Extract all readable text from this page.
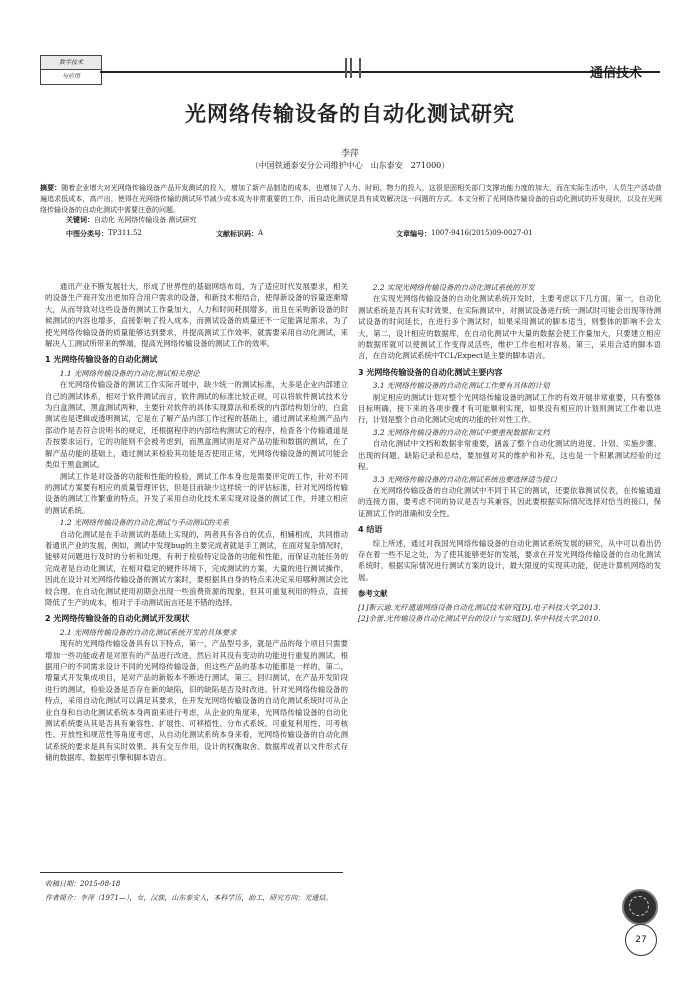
数字技术
与应用	通信技术
光网络传输设备的自动化测试研究
李萍
（中国铁通泰安分公司维护中心　山东泰安　271000）
摘要：随着企业增大对光网络传输设备产品开发测试的投入，增加了新产品制造的成本，也增加了人力、时间、物力的投入，这很是固相关部门支撑功能力度的加大，而在实际生活中，人员生产活动普遍追求低成本，高产出，使得在光网络传输的测试环节减少成本成为非常重要的工作，而自动化测试是具有成效解决这一问题的方式。本文分析了光网络传输设备的自动化测试的开发现状，以及在光网络传输设备的自动化测试中需要注意的问题。
关键词：自动化 光网络传输设备 测试研究
中图分类号： TP311.52	文献标识码： A	文章编号： 1007-9416(2015)09-0027-01

通讯产业不断发展壮大，形成了世界性的基础网络布局，为了适应时代发展要求，相关的设备生产商开发出更加符合用户需求的设备，和新技术相结合，使得新设备的容量逐渐增大，从而导致对这些设备的测试工作量加大，人力和时间耗损增多，而且在采购新设备的时候测试的内容也增多，直接影响了投入成本，而测试设备的质量还不一定能满足需求，为了使光网络传输设备的质量能够达到要求，并提高测试工作效率，就需要采用自动化测试，来解决人工测试所带来的弊端，提高光网络传输设备的测试工作的效率。

1 光网络传输设备的自动化测试
1.1 光网络传输设备的自动化测试相关理论

在光网络传输设备的测试工作实际开展中，缺少统一的测试标准，大多是企业内部建立自己的测试体系，相对于软件测试而言，软件测试的标准比较正规，可以将软件测试技术分为白盒测试、黑盒测试两种，主要针对软件的具体实现算法和系统的内部结构划分的，白盒测试也是逻辑或透明测试，它是在了解产品内部工作过程的基础上，通过测试来检测产品内部动作是否符合说明书的规定，还根据程序的内部结构测试它的程序，检查各个传输通道是否按要求运行，它的功能则不会被考虑到，而黑盒测试则是对产品功能和数据的测试，在了解产品功能的基础上，通过测试来检验其功能是否使用正常，光网络传输设备的测试可能会类似于黑盒测试。

测试工作是对设备的功能和性能的检验，测试工作本身也是需要评定的工作，针对不同的测试方案要有相应的质量管理评估，但是目前缺少这样统一的评估标准，针对光网络传输设备的测试工作繁重的特点，开发了采用自动化技术来实现对设备的测试工作，并建立相应的测试系统。

1.2 光网络传输设备的自动化测试与手动测试的关系

自动化测试是在手动测试的基础上实现的，两者具有各自的优点，相辅相成，共同推动着通讯产业的发展，例如，测试中发现bug的主要完成者就是手工测试，在面对复杂情况时，能够对问题进行及时的分析和处理，有利于检验特定设备的功能和性能，而保证功能任务的完成者是自动化测试，在相对稳定的硬件环境下，完成测试的方案，大量的进行测试操作，因此在设计对光网络传输设备的测试方案时，要根据具自身的特点来决定采用哪种测试会比较合理。在自动化测试使用初期会出现一些浪费资源的现象，但其可重复利用的特点，直接降低了生产的成本，相对于手动测试而言还是不错的选择。

2 光网络传输设备的自动化测试开发现状
2.1 光网络传输设备的自动化测试系统开发的具体要求

现有的光网络传输设备具有以下特点，第一，产品型号多，就是产品的每个项目只需要增加一些功能或者是对原有的产品进行改进，然后对其没有变动的功能进行重复的测试，根据用户的不同需求设计不同的光网络传输设备，但这些产品的基本功能都是一样的，第二，增量式开发集成项目，是对产品的新版本不断进行测试，第三，回归测试，在产品开发阶段进行的测试，检验设备是否存在新的缺陷，旧的缺陷是否及时改进。针对光网络传输设备的特点，采用自动化测试可以满足其要求，在开发光网络传输设备的自动化测试系统时可从企业自身和自动化测试系统本身两面来进行考虑，从企业的角度来，光网络传输设备的自动化测试系统要从其是否具有兼容性、扩展性、可移植性、分布式系统、可重复利用性、可考核性、开放性和规范性等角度考虑，从自动化测试系统本身来看，光网络传输设备的自动化测试系统的要求是具有实时效果、具有交互作用，设计的权衡取舍、数据库或者以文件形式存储的数据库、数据库引擎和脚本语言。

2.2 实现光网络传输设备的自动化测试系统的开发

在实现光网络传输设备的自动化测试系统开发时，主要考虑以下几方面，第一，自动化测试系统是否具有实时效果，在实际测试中，对测试设备进行统一测试时可能会出现等待测试设备的时间延长，在进行多个测试时，如果采用测试的脚本适当，则整体的影响不会太大，第二，设计相应的数据库，在自动化测试中大量的数据会使工作量加大，只要建立相应的数据库就可以使测试工作变得灵活些，维护工作也相对容易，第三，采用合适的脚本语言，在自动化测试系统中TCL/Expect是主要的脚本语言。

3 光网络传输设备的自动化测试主要内容
3.1 光网络传输设备的自动化测试工作要有具体的计划

制定相应的测试计划对整个光网络传输设备的测试工作的有效开展非常重要，只有整体目标明确，接下来的各项步骤才有可能顺利实现，如果没有相应的计划则测试工作难以进行，计划是整个自动化测试完成的功能的针对性工作。

3.2 光网络传输设备的自动化测试中要重视数据和文档

自动化测试中文档和数据非常重要，涵盖了整个自动化测试的进度、计划、实施步骤、出现的问题、缺陷记录和总结，要加强对其的维护和补充，这也是一个积累测试经验的过程。

3.3 光网络传输设备的自动化测试系统也要选择适当接口

在光网络传输设备的自动化测试中不同于其它的测试，还要依靠测试仪表，在传输通道的连接方面，要考虑不同的协议是否与其兼容，因此要根据实际情况选择对恰当的接口，保证测试工作的准确和安全性。

4 结语

综上所述，通过对我国光网络传输设备的自动化测试系统发展的研究，从中可以看出仍存在着一些不足之处，为了使其能够更好的发展，要求在开发光网络传输设备的自动化测试系统时，根据实际情况进行测试方案的设计，最大限度的实现其功能，促进计算机网络的发展。

参考文献

[1]靳云迪.光纤通道网络设备自动化测试技术研究[D].电子科技大学,2013.

[2]余蕾.光传输设备自动化测试平台的设计与实现[D].华中科技大学,2010.

收稿日期：2015-08-18
作者简介：李萍（1971—），女，汉族，山东泰安人，本科学历，助工，研究方向：光通信。
27
